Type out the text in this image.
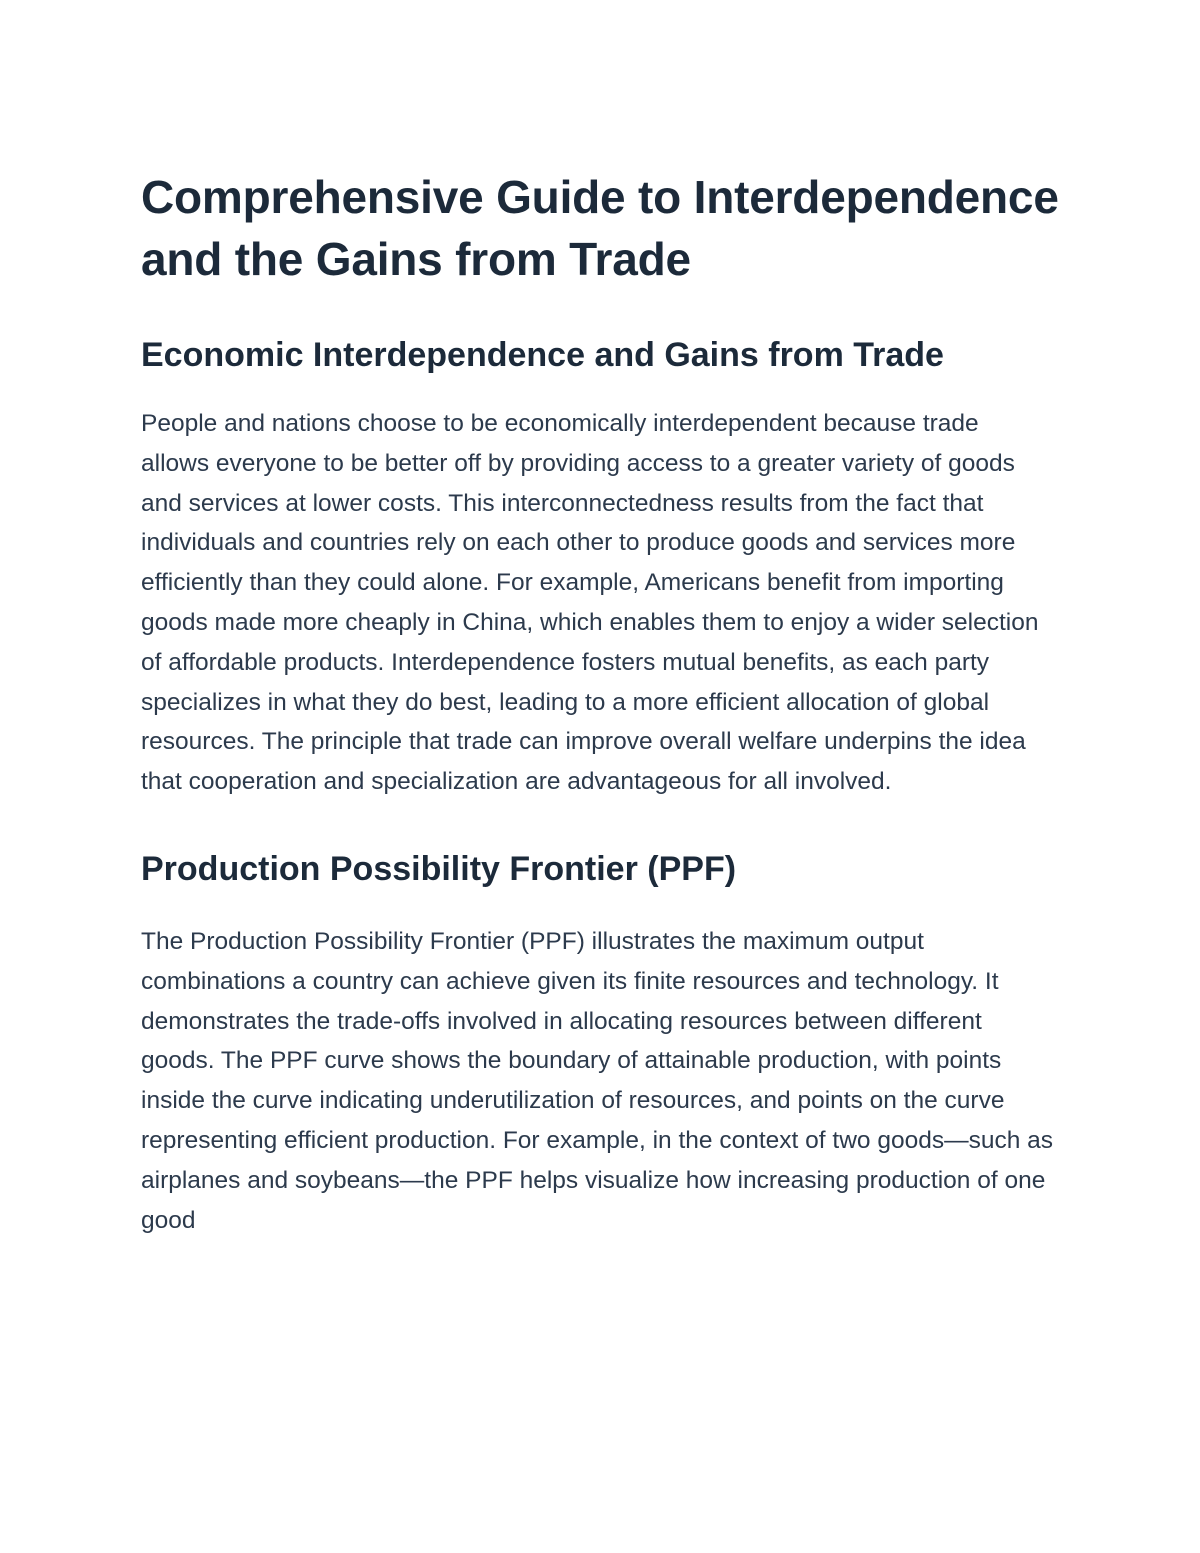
Comprehensive Guide to Interdependence and the Gains from Trade
Economic Interdependence and Gains from Trade

People and nations choose to be economically interdependent because trade allows everyone to be better off by providing access to a greater variety of goods and services at lower costs. This interconnectedness results from the fact that individuals and countries rely on each other to produce goods and services more efficiently than they could alone. For example, Americans benefit from importing goods made more cheaply in China, which enables them to enjoy a wider selection of affordable products. Interdependence fosters mutual benefits, as each party specializes in what they do best, leading to a more efficient allocation of global resources. The principle that trade can improve overall welfare underpins the idea that cooperation and specialization are advantageous for all involved.

Production Possibility Frontier (PPF)

The Production Possibility Frontier (PPF) illustrates the maximum output combinations a country can achieve given its finite resources and technology. It demonstrates the trade-offs involved in allocating resources between different goods. The PPF curve shows the boundary of attainable production, with points inside the curve indicating underutilization of resources, and points on the curve representing efficient production. For example, in the context of two goods—such as airplanes and soybeans—the PPF helps visualize how increasing production of one good
